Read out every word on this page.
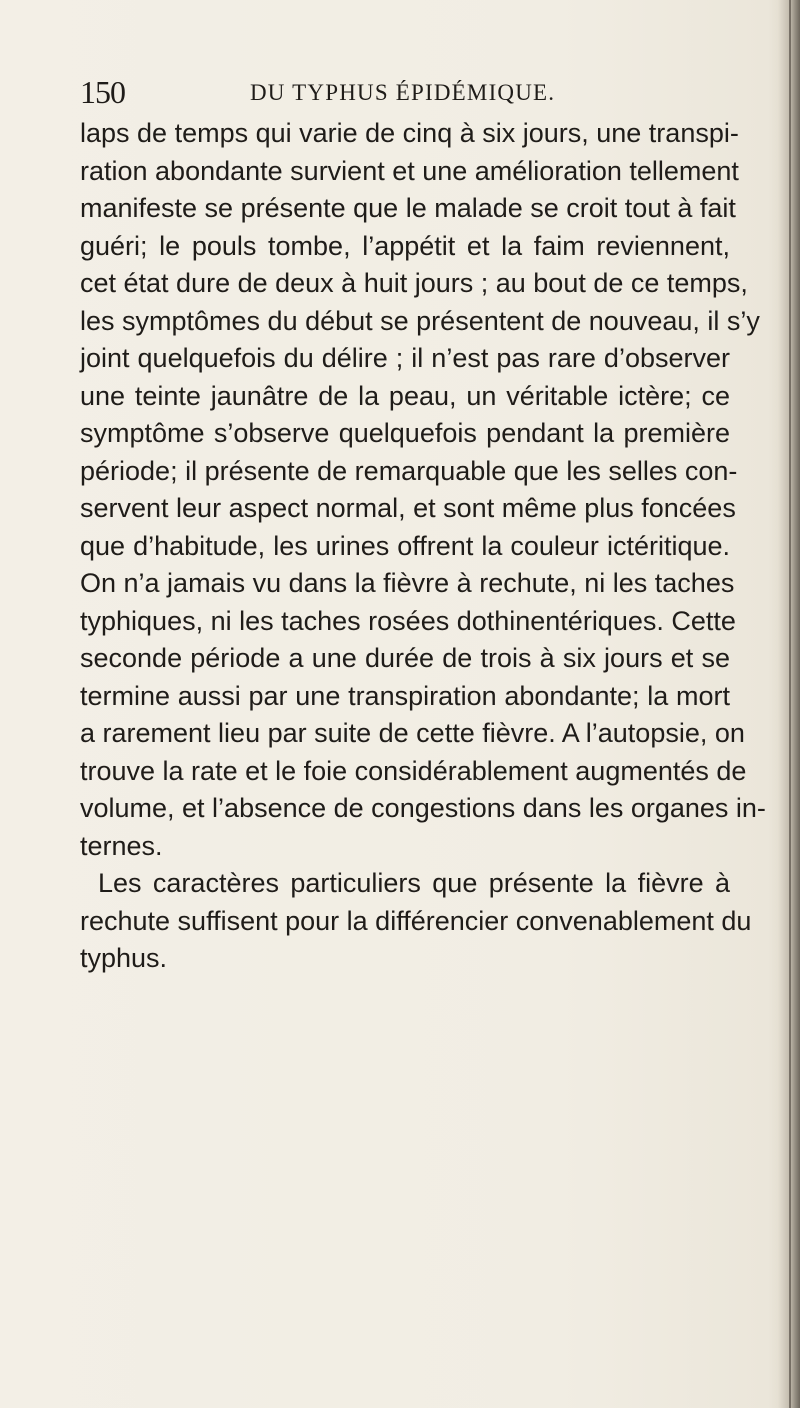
150	DU TYPHUS ÉPIDÉMIQUE.
laps de temps qui varie de cinq à six jours, une transpi-
ration abondante survient et une amélioration tellement
manifeste se présente que le malade se croit tout à fait
guéri; le pouls tombe, l’appétit et la faim reviennent,
cet état dure de deux à huit jours ; au bout de ce temps,
les symptômes du début se présentent de nouveau, il s’y
joint quelquefois du délire ; il n’est pas rare d’observer
une teinte jaunâtre de la peau, un véritable ictère; ce
symptôme s’observe quelquefois pendant la première
période; il présente de remarquable que les selles con-
servent leur aspect normal, et sont même plus foncées
que d’habitude, les urines offrent la couleur ictéritique.
On n’a jamais vu dans la fièvre à rechute, ni les taches
typhiques, ni les taches rosées dothinentériques. Cette
seconde période a une durée de trois à six jours et se
termine aussi par une transpiration abondante; la mort
a rarement lieu par suite de cette fièvre. A l’autopsie, on
trouve la rate et le foie considérablement augmentés de
volume, et l’absence de congestions dans les organes in-
ternes.
Les caractères particuliers que présente la fièvre à
rechute suffisent pour la différencier convenablement du
typhus.
